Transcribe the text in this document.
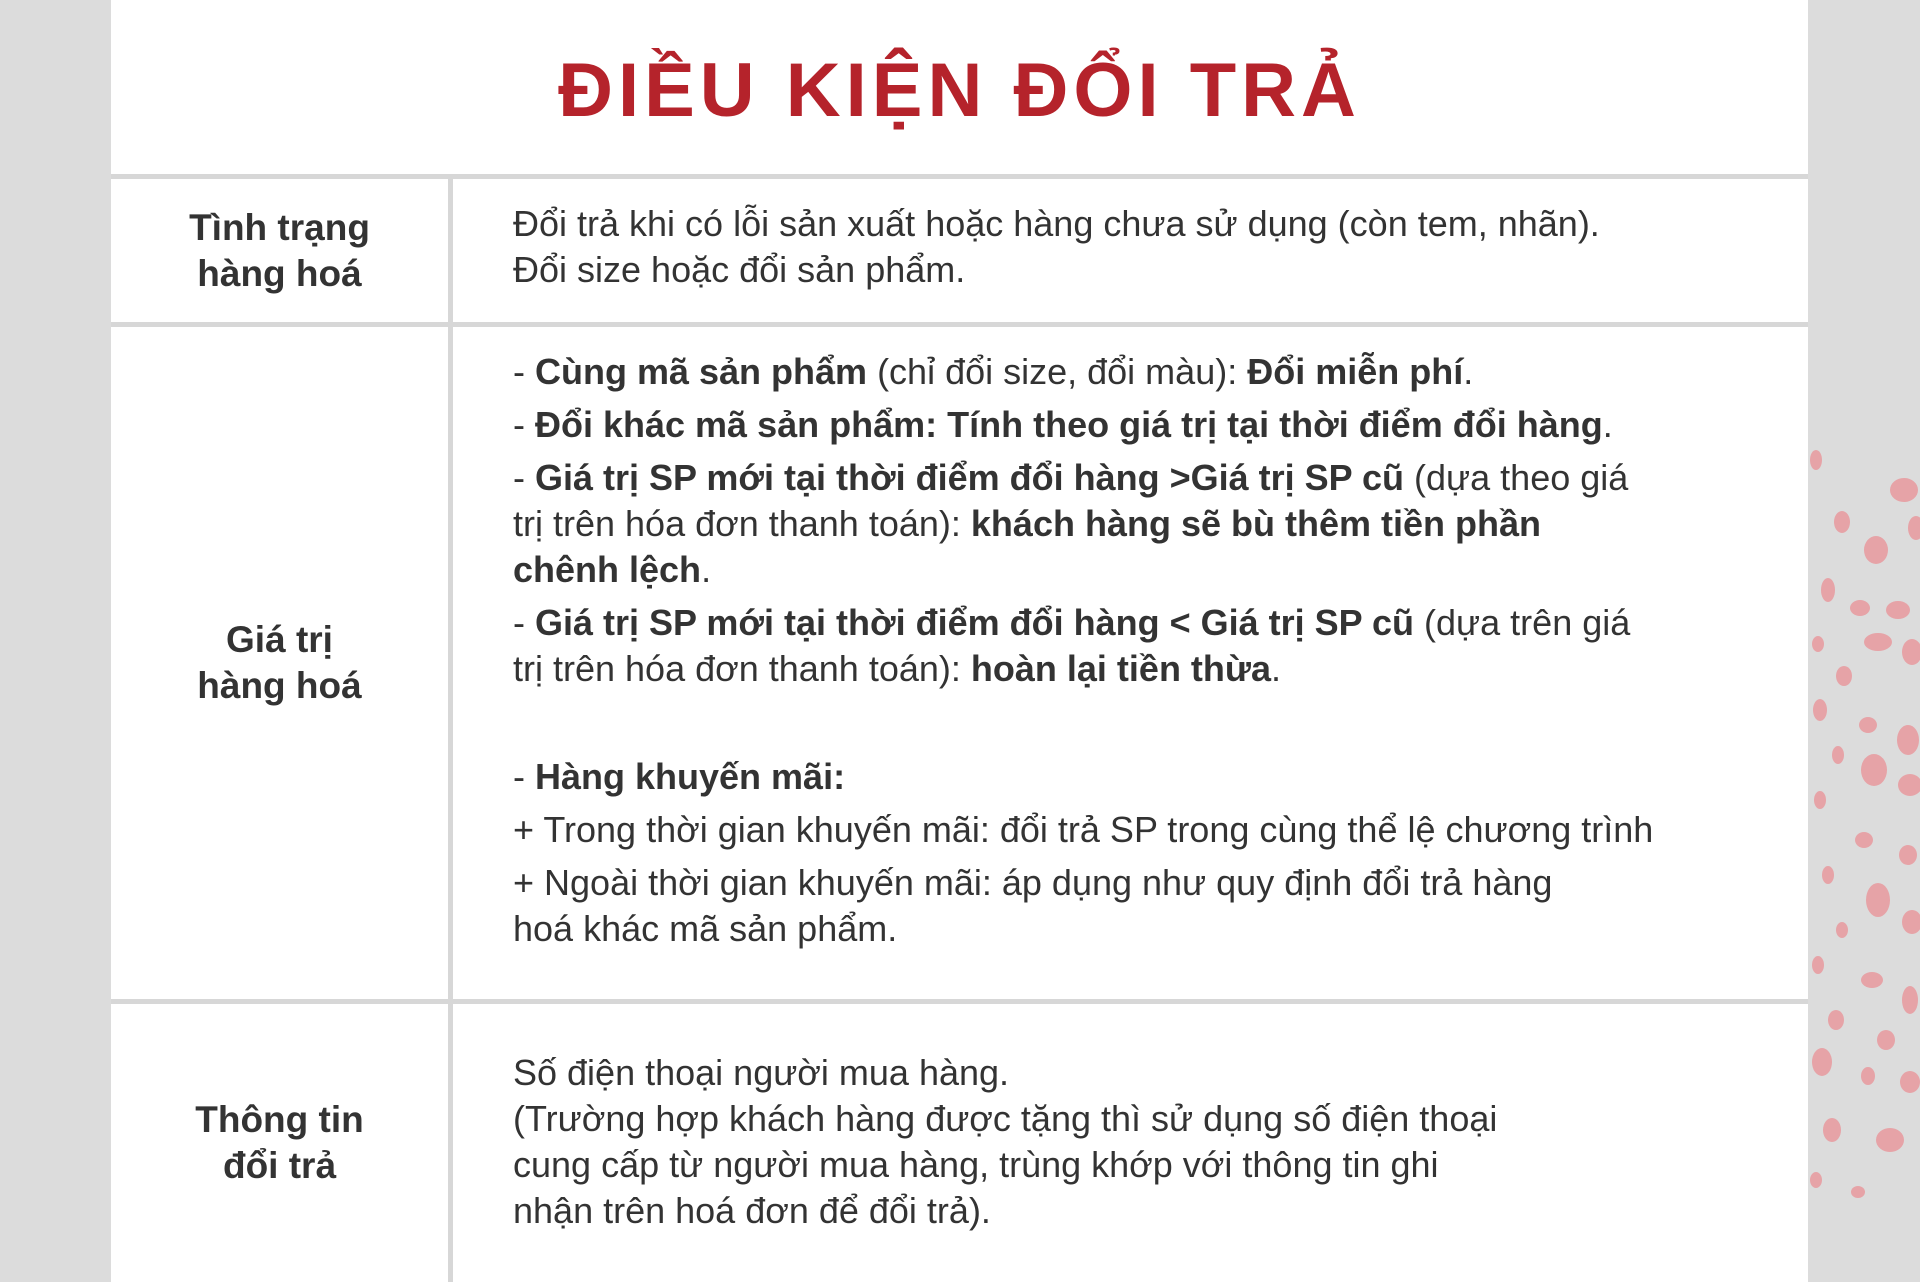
ĐIỀU KIỆN ĐỔI TRẢ
Tình trạng
hàng hoá
Đổi trả khi có lỗi sản xuất hoặc hàng chưa sử dụng (còn tem, nhãn).
Đổi size hoặc đổi sản phẩm.
Giá trị
hàng hoá
- Cùng mã sản phẩm (chỉ đổi size, đổi màu): Đổi miễn phí.
- Đổi khác mã sản phẩm: Tính theo giá trị tại thời điểm đổi hàng.
- Giá trị SP mới tại thời điểm đổi hàng >Giá trị SP cũ (dựa theo giá
trị trên hóa đơn thanh toán): khách hàng sẽ bù thêm tiền phần
chênh lệch.
- Giá trị SP mới tại thời điểm đổi hàng < Giá trị SP cũ (dựa trên giá
trị trên hóa đơn thanh toán): hoàn lại tiền thừa.
- Hàng khuyến mãi:
+ Trong thời gian khuyến mãi: đổi trả SP trong cùng thể lệ chương trình
+ Ngoài thời gian khuyến mãi: áp dụng như quy định đổi trả hàng
hoá khác mã sản phẩm.
Thông tin
đổi trả
Số điện thoại người mua hàng.
(Trường hợp khách hàng được tặng thì sử dụng số điện thoại
cung cấp từ người mua hàng, trùng khớp với thông tin ghi
nhận trên hoá đơn để đổi trả).
